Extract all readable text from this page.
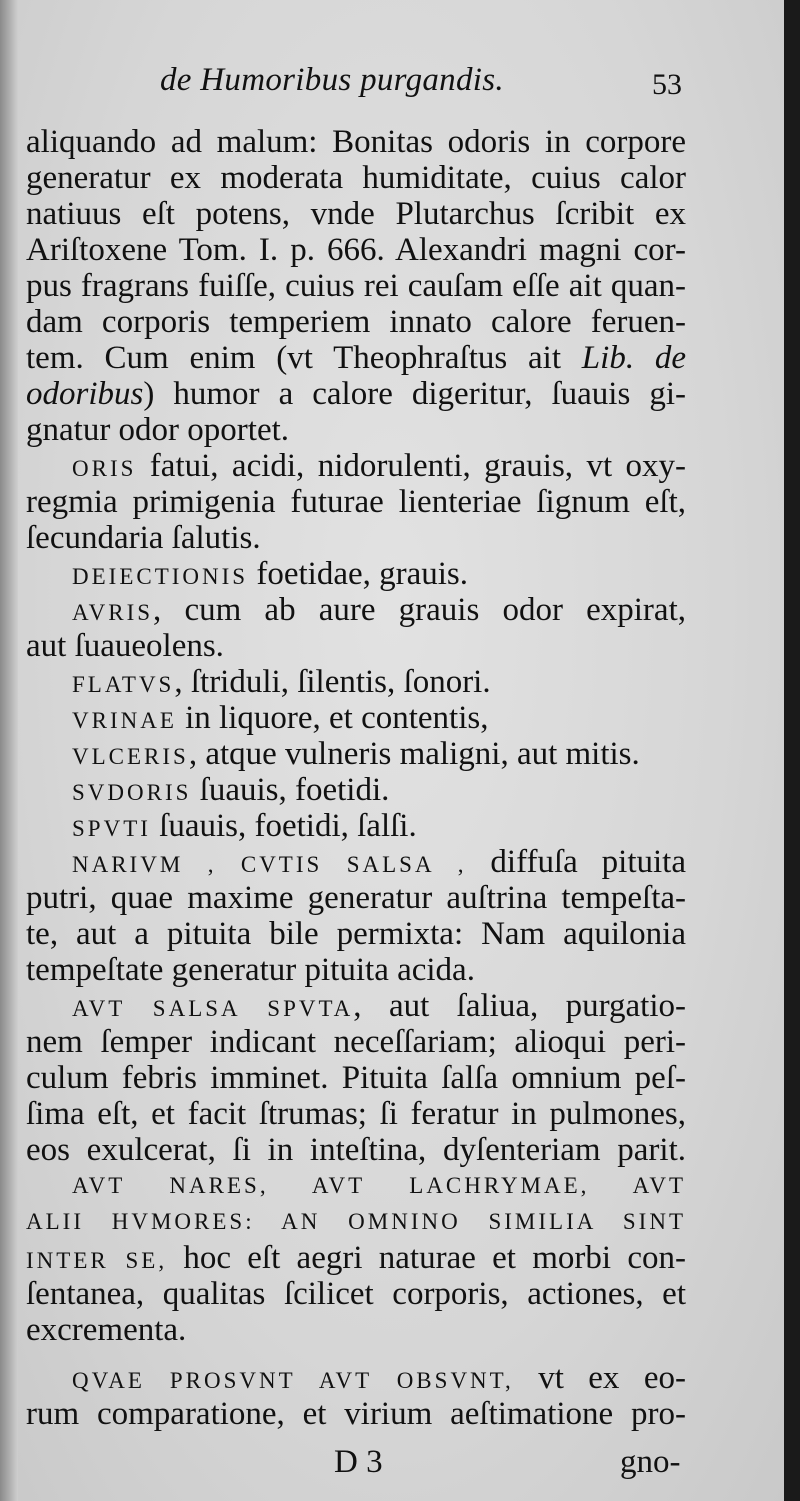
de Humoribus purgandis.	53
aliquando ad malum: Bonitas odoris in corpore
generatur ex moderata humiditate, cuius calor
natiuus eſt potens, vnde Plutarchus ſcribit ex
Ariſtoxene Tom. I. p. 666. Alexandri magni cor-
pus fragrans fuiſſe, cuius rei cauſam eſſe ait quan-
dam corporis temperiem innato calore feruen-
tem. Cum enim (vt Theophraſtus ait Lib. de
odoribus) humor a calore digeritur, ſuauis gi-
gnatur odor oportet.
ORIS fatui, acidi, nidorulenti, grauis, vt oxy-
regmia primigenia futurae lienteriae ſignum eſt,
ſecundaria ſalutis.
DEIECTIONIS foetidae, grauis.
AVRIS, cum ab aure grauis odor expirat,
aut ſuaueolens.
FLATVS, ſtriduli, ſilentis, ſonori.
VRINAE in liquore, et contentis,
VLCERIS, atque vulneris maligni, aut mitis.
SVDORIS ſuauis, foetidi.
SPVTI ſuauis, foetidi, ſalſi.
NARIVM , CVTIS SALSA , diffuſa pituita
putri, quae maxime generatur auſtrina tempeſta-
te, aut a pituita bile permixta: Nam aquilonia
tempeſtate generatur pituita acida.
AVT SALSA SPVTA, aut ſaliua, purgatio-
nem ſemper indicant neceſſariam; alioqui peri-
culum febris imminet. Pituita ſalſa omnium peſ-
ſima eſt, et facit ſtrumas; ſi feratur in pulmones,
eos exulcerat, ſi in inteſtina, dyſenteriam parit.
AVT NARES, AVT LACHRYMAE, AVT
ALII HVMORES: AN OMNINO SIMILIA SINT
INTER SE, hoc eſt aegri naturae et morbi con-
ſentanea, qualitas ſcilicet corporis, actiones, et
excrementa.
QVAE PROSVNT AVT OBSVNT, vt ex eo-
rum comparatione, et virium aeſtimatione pro-
D 3	gno-
